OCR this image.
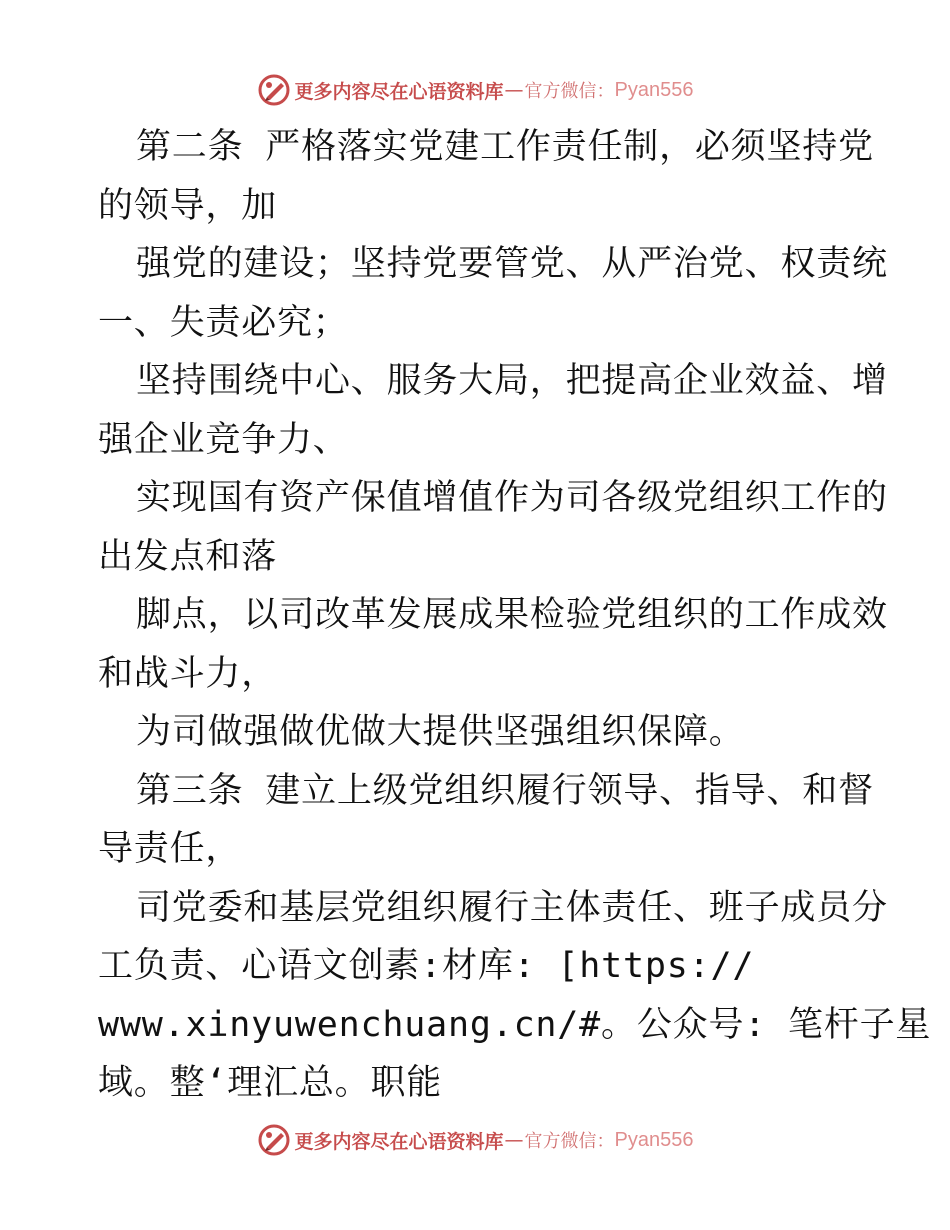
更多内容尽在心语资料库 — 官方微信： Pyan556
第二条 严格落实党建工作责任制，必须坚持党
的领导，加
强党的建设；坚持党要管党、从严治党、权责统
一、失责必究；
坚持围绕中心、服务大局，把提高企业效益、增
强企业竞争力、
实现国有资产保值增值作为司各级党组织工作的
出发点和落
脚点，以司改革发展成果检验党组织的工作成效
和战斗力，
为司做强做优做大提供坚强组织保障。
第三条 建立上级党组织履行领导、指导、和督
导责任，
司党委和基层党组织履行主体责任、班子成员分
工负责、心语文创素:材库: [https://
www.xinyuwenchuang.cn/#。公众号: 笔杆子星
域。整‘理汇总。职能
更多内容尽在心语资料库 — 官方微信： Pyan556
